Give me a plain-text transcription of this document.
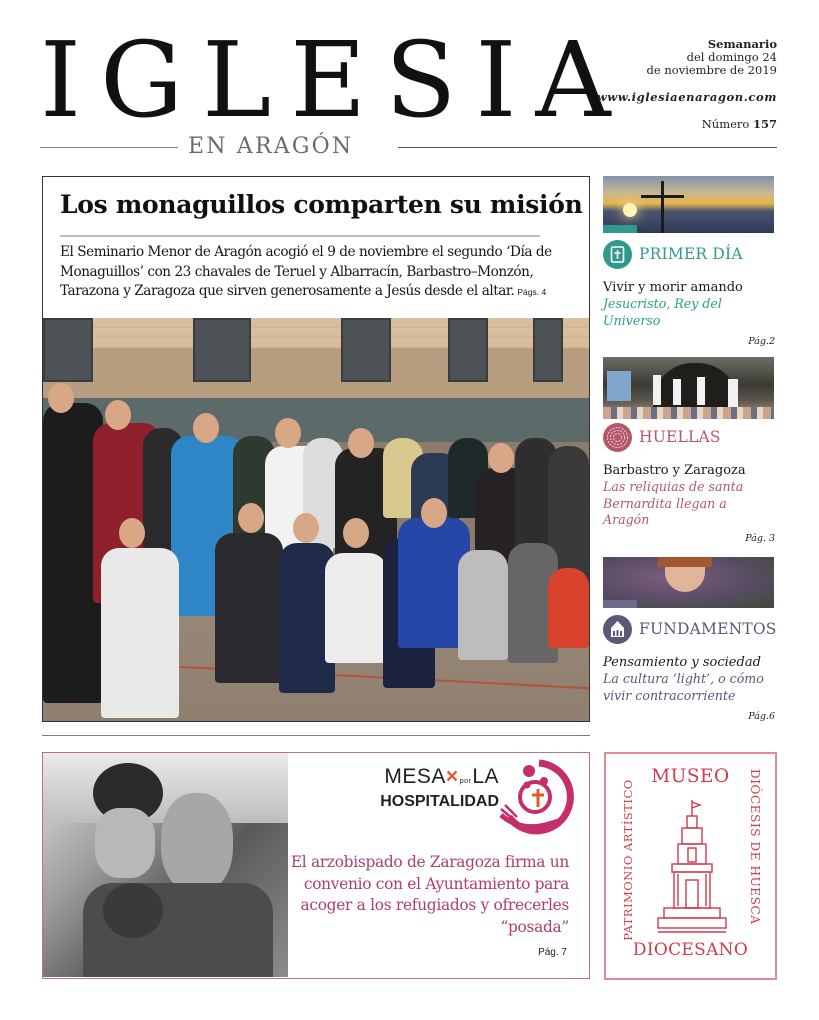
IGLESIA
EN ARAGÓN
Semanario
del domingo 24
de noviembre de 2019
www.iglesiaenaragon.com
Número 157
Los monaguillos comparten su misión
El Seminario Menor de Aragón acogió el 9 de noviembre el segundo ‘Día de Monaguillos’ con 23 chavales de Teruel y Albarracín, Barbastro–Monzón, Tarazona y Zaragoza que sirven generosamente a Jesús desde el altar. Págs. 4
PRIMER DÍA
Vivir y morir amando
Jesucristo, Rey del Universo
Pág.2
HUELLAS
Barbastro y Zaragoza
Las reliquias de santa Bernardita llegan a Aragón
Pág. 3
FUNDAMENTOS
Pensamiento y sociedad
La cultura ‘light’, o cómo vivir contracorriente
Pág.6
MESA×porLA
HOSPITALIDAD
El arzobispado de Zaragoza firma un convenio con el Ayuntamiento para acoger a los refugiados y ofrecerles “posada”
Pág. 7
MUSEO
PATRIMONIO ARTÍSTICO	DIÓCESIS DE HUESCA
DIOCESANO
